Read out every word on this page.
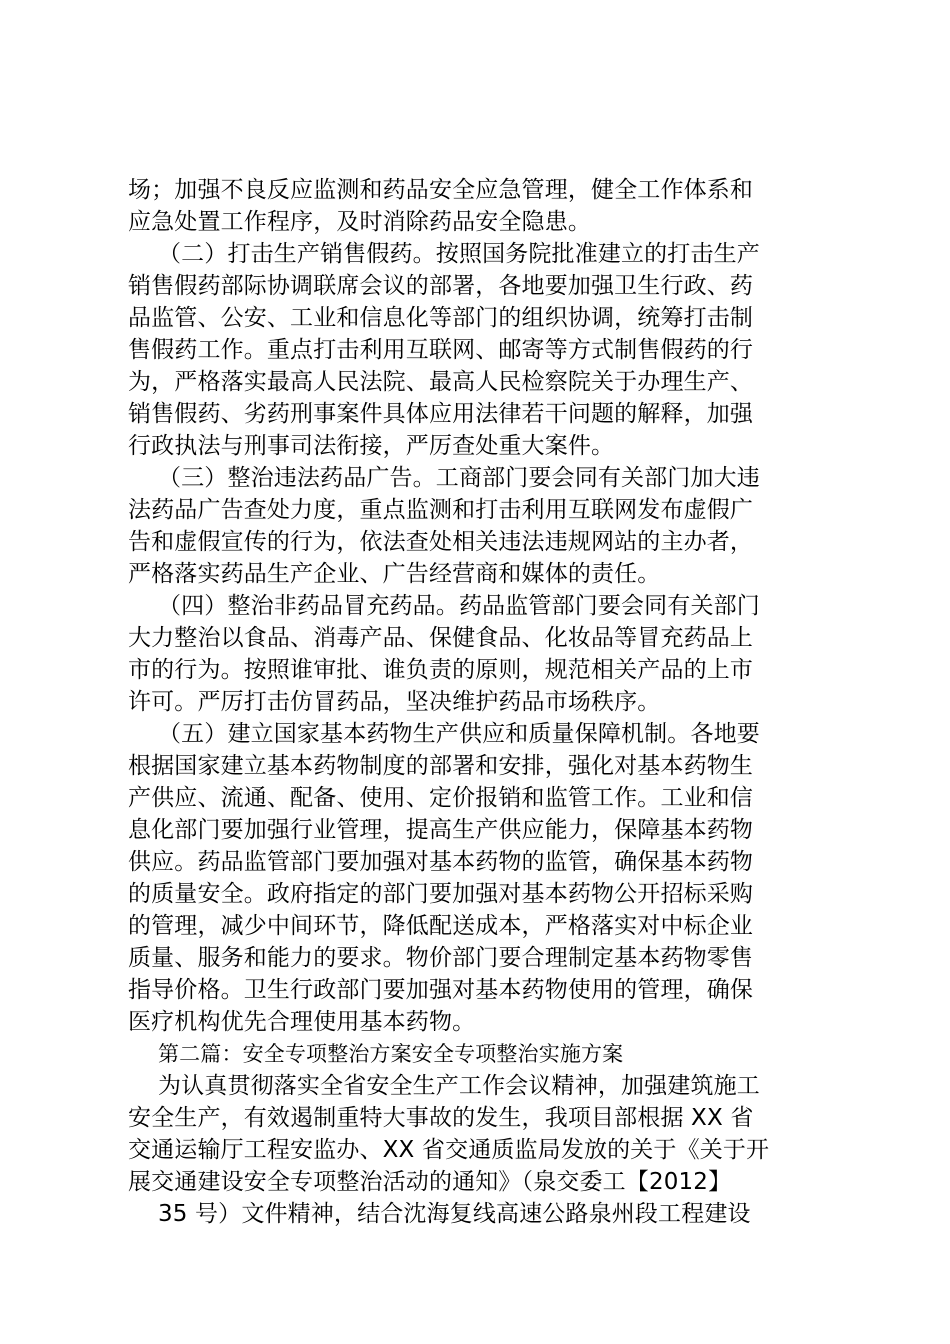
场；加强不良反应监测和药品安全应急管理，健全工作体系和
应急处置工作程序，及时消除药品安全隐患。
（二）打击生产销售假药。按照国务院批准建立的打击生产
销售假药部际协调联席会议的部署，各地要加强卫生行政、药
品监管、公安、工业和信息化等部门的组织协调，统筹打击制
售假药工作。重点打击利用互联网、邮寄等方式制售假药的行
为，严格落实最高人民法院、最高人民检察院关于办理生产、
销售假药、劣药刑事案件具体应用法律若干问题的解释，加强
行政执法与刑事司法衔接，严厉查处重大案件。
（三）整治违法药品广告。工商部门要会同有关部门加大违
法药品广告查处力度，重点监测和打击利用互联网发布虚假广
告和虚假宣传的行为，依法查处相关违法违规网站的主办者，
严格落实药品生产企业、广告经营商和媒体的责任。
（四）整治非药品冒充药品。药品监管部门要会同有关部门
大力整治以食品、消毒产品、保健食品、化妆品等冒充药品上
市的行为。按照谁审批、谁负责的原则，规范相关产品的上市
许可。严厉打击仿冒药品，坚决维护药品市场秩序。
（五）建立国家基本药物生产供应和质量保障机制。各地要
根据国家建立基本药物制度的部署和安排，强化对基本药物生
产供应、流通、配备、使用、定价报销和监管工作。工业和信
息化部门要加强行业管理，提高生产供应能力，保障基本药物
供应。药品监管部门要加强对基本药物的监管，确保基本药物
的质量安全。政府指定的部门要加强对基本药物公开招标采购
的管理，减少中间环节，降低配送成本，严格落实对中标企业
质量、服务和能力的要求。物价部门要合理制定基本药物零售
指导价格。卫生行政部门要加强对基本药物使用的管理，确保
医疗机构优先合理使用基本药物。
第二篇：安全专项整治方案安全专项整治实施方案
为认真贯彻落实全省安全生产工作会议精神，加强建筑施工
安全生产，有效遏制重特大事故的发生，我项目部根据 XX 省
交通运输厅工程安监办、XX 省交通质监局发放的关于《关于开
展交通建设安全专项整治活动的通知》（泉交委工【2012】
35 号）文件精神，结合沈海复线高速公路泉州段工程建设
